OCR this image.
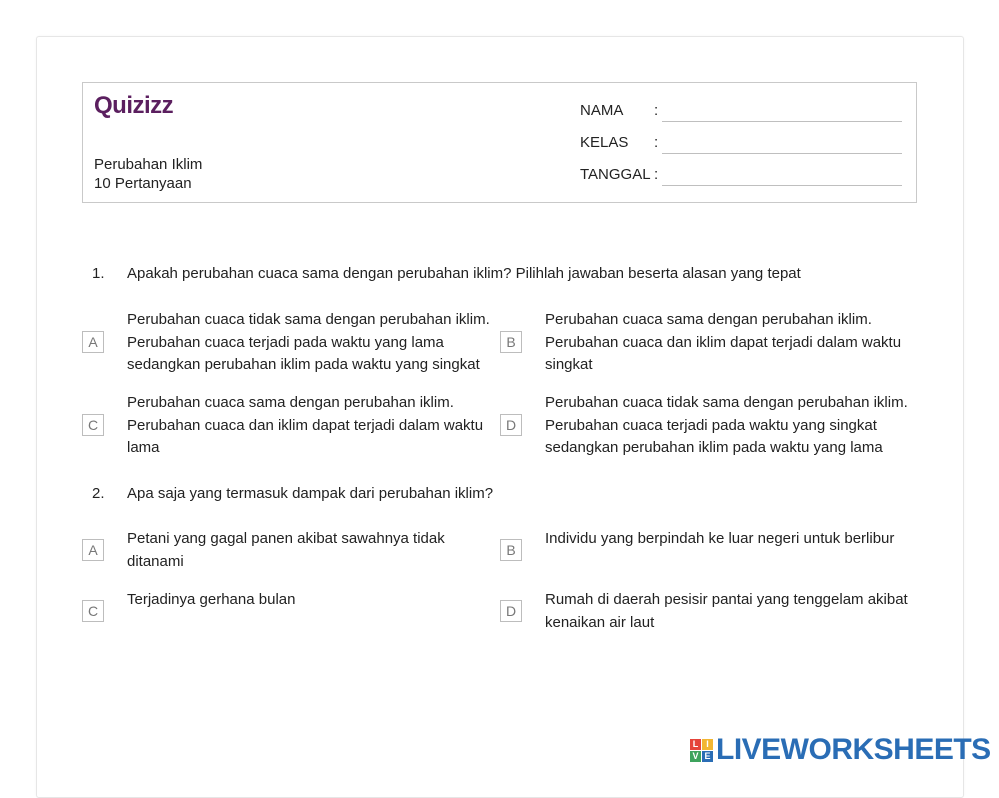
Quizizz
Perubahan Iklim
10 Pertanyaan
NAMA :
KELAS :
TANGGAL :
1. Apakah perubahan cuaca sama dengan perubahan iklim? Pilihlah jawaban beserta alasan yang tepat
A
Perubahan cuaca tidak sama dengan perubahan iklim. Perubahan cuaca terjadi pada waktu yang lama sedangkan perubahan iklim pada waktu yang singkat
B
Perubahan cuaca sama dengan perubahan iklim. Perubahan cuaca dan iklim dapat terjadi dalam waktu singkat
C
Perubahan cuaca sama dengan perubahan iklim. Perubahan cuaca dan iklim dapat terjadi dalam waktu lama
D
Perubahan cuaca tidak sama dengan perubahan iklim. Perubahan cuaca terjadi pada waktu yang singkat sedangkan perubahan iklim pada waktu yang lama
2. Apa saja yang termasuk dampak dari perubahan iklim?
A
Petani yang gagal panen akibat sawahnya tidak ditanami
B
Individu yang berpindah ke luar negeri untuk berlibur
C
Terjadinya gerhana bulan
D
Rumah di daerah pesisir pantai yang tenggelam akibat kenaikan air laut
L I
V E LIVEWORKSHEETS
